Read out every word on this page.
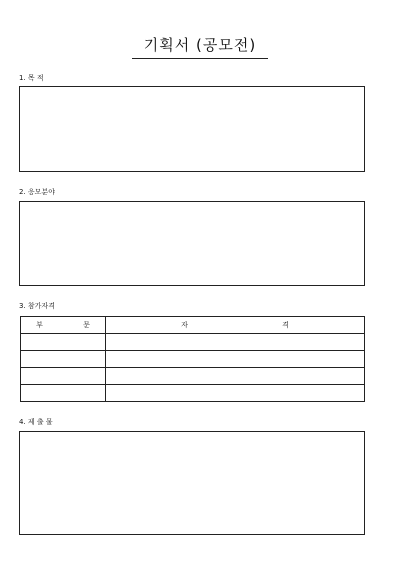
기획서 (공모전)
1. 목 적
2. 응모분야
3. 참가자격
부 문	자 격

4. 제 출 물
